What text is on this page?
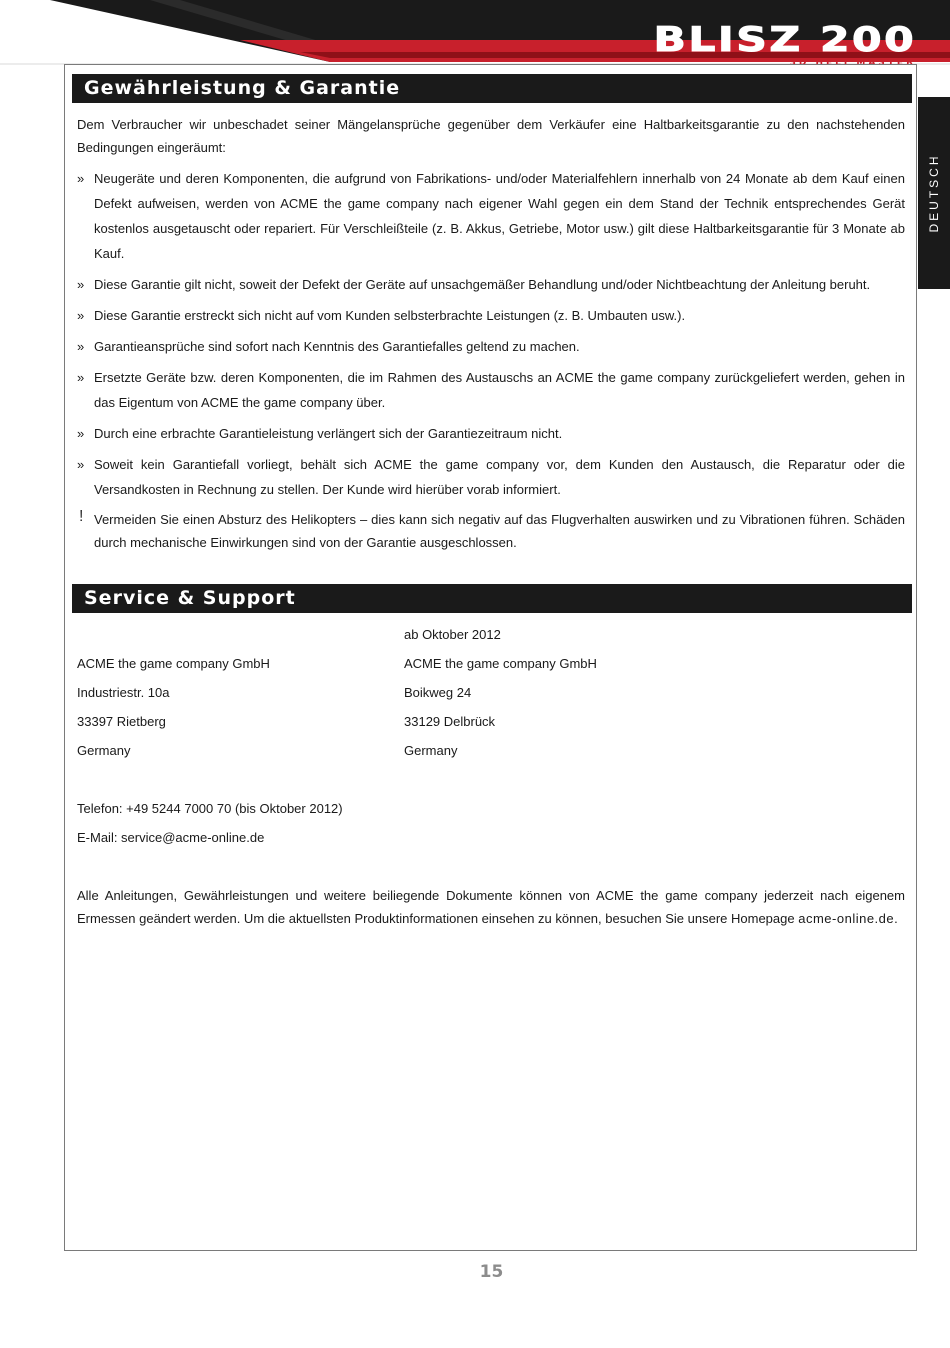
BLISZ 200
3D HELI MASTER
DEUTSCH
Gewährleistung & Garantie

Dem Verbraucher wir unbeschadet seiner Mängelansprüche gegenüber dem Verkäufer eine Haltbarkeitsgarantie zu den nachstehenden Bedingungen eingeräumt:

» Neugeräte und deren Komponenten, die aufgrund von Fabrikations- und/oder Materialfehlern innerhalb von 24 Monate ab dem Kauf einen Defekt aufweisen, werden von ACME the game company nach eigener Wahl gegen ein dem Stand der Technik entsprechendes Gerät kostenlos ausgetauscht oder repariert. Für Verschleißteile (z. B. Akkus, Getriebe, Motor usw.) gilt diese Haltbarkeitsgarantie für 3 Monate ab Kauf.
» Diese Garantie gilt nicht, soweit der Defekt der Geräte auf unsachgemäßer Behandlung und/oder Nichtbeachtung der Anleitung beruht.
» Diese Garantie erstreckt sich nicht auf vom Kunden selbsterbrachte Leistungen (z. B. Umbauten usw.).
» Garantieansprüche sind sofort nach Kenntnis des Garantiefalles geltend zu machen.
» Ersetzte Geräte bzw. deren Komponenten, die im Rahmen des Austauschs an ACME the game company zurückgeliefert werden, gehen in das Eigentum von ACME the game company über.
» Durch eine erbrachte Garantieleistung verlängert sich der Garantiezeitraum nicht.
» Soweit kein Garantiefall vorliegt, behält sich ACME the game company vor, dem Kunden den Austausch, die Reparatur oder die Versandkosten in Rechnung zu stellen. Der Kunde wird hierüber vorab informiert.
! Vermeiden Sie einen Absturz des Helikopters – dies kann sich negativ auf das Flugverhalten auswirken und zu Vibrationen führen. Schäden durch mechanische Einwirkungen sind von der Garantie ausgeschlossen.
Service & Support
ACME the game company GmbH
Industriestr. 10a
33397 Rietberg
Germany
ab Oktober 2012
ACME the game company GmbH
Boikweg 24
33129 Delbrück
Germany
Telefon: +49 5244 7000 70 (bis Oktober 2012)
E-Mail: service@acme-online.de

Alle Anleitungen, Gewährleistungen und weitere beiliegende Dokumente können von ACME the game company jederzeit nach eigenem Ermessen geändert werden. Um die aktuellsten Produktinformationen einsehen zu können, besuchen Sie unsere Homepage acme-online.de.

15
